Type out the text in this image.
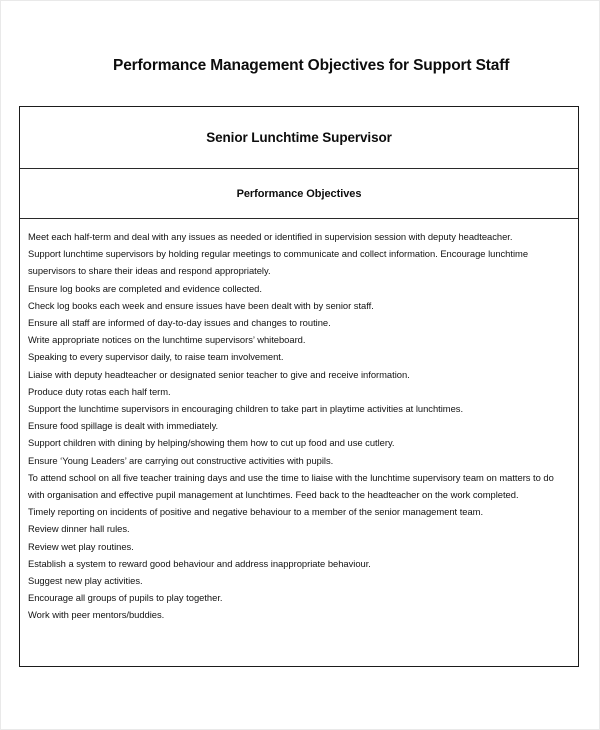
Performance Management Objectives for Support Staff
Senior Lunchtime Supervisor
Performance Objectives
Meet each half-term and deal with any issues as needed or identified in supervision session with deputy headteacher.
Support lunchtime supervisors by holding regular meetings to communicate and collect information. Encourage lunchtime supervisors to share their ideas and respond appropriately.
Ensure log books are completed and evidence collected.
Check log books each week and ensure issues have been dealt with by senior staff.
Ensure all staff are informed of day-to-day issues and changes to routine.
Write appropriate notices on the lunchtime supervisors’ whiteboard.
Speaking to every supervisor daily, to raise team involvement.
Liaise with deputy headteacher or designated senior teacher to give and receive information.
Produce duty rotas each half term.
Support the lunchtime supervisors in encouraging children to take part in playtime activities at lunchtimes.
Ensure food spillage is dealt with immediately.
Support children with dining by helping/showing them how to cut up food and use cutlery.
Ensure ‘Young Leaders’ are carrying out constructive activities with pupils.
To attend school on all five teacher training days and use the time to liaise with the lunchtime supervisory team on matters to do with organisation and effective pupil management at lunchtimes. Feed back to the headteacher on the work completed.
Timely reporting on incidents of positive and negative behaviour to a member of the senior management team.
Review dinner hall rules.
Review wet play routines.
Establish a system to reward good behaviour and address inappropriate behaviour.
Suggest new play activities.
Encourage all groups of pupils to play together.
Work with peer mentors/buddies.
